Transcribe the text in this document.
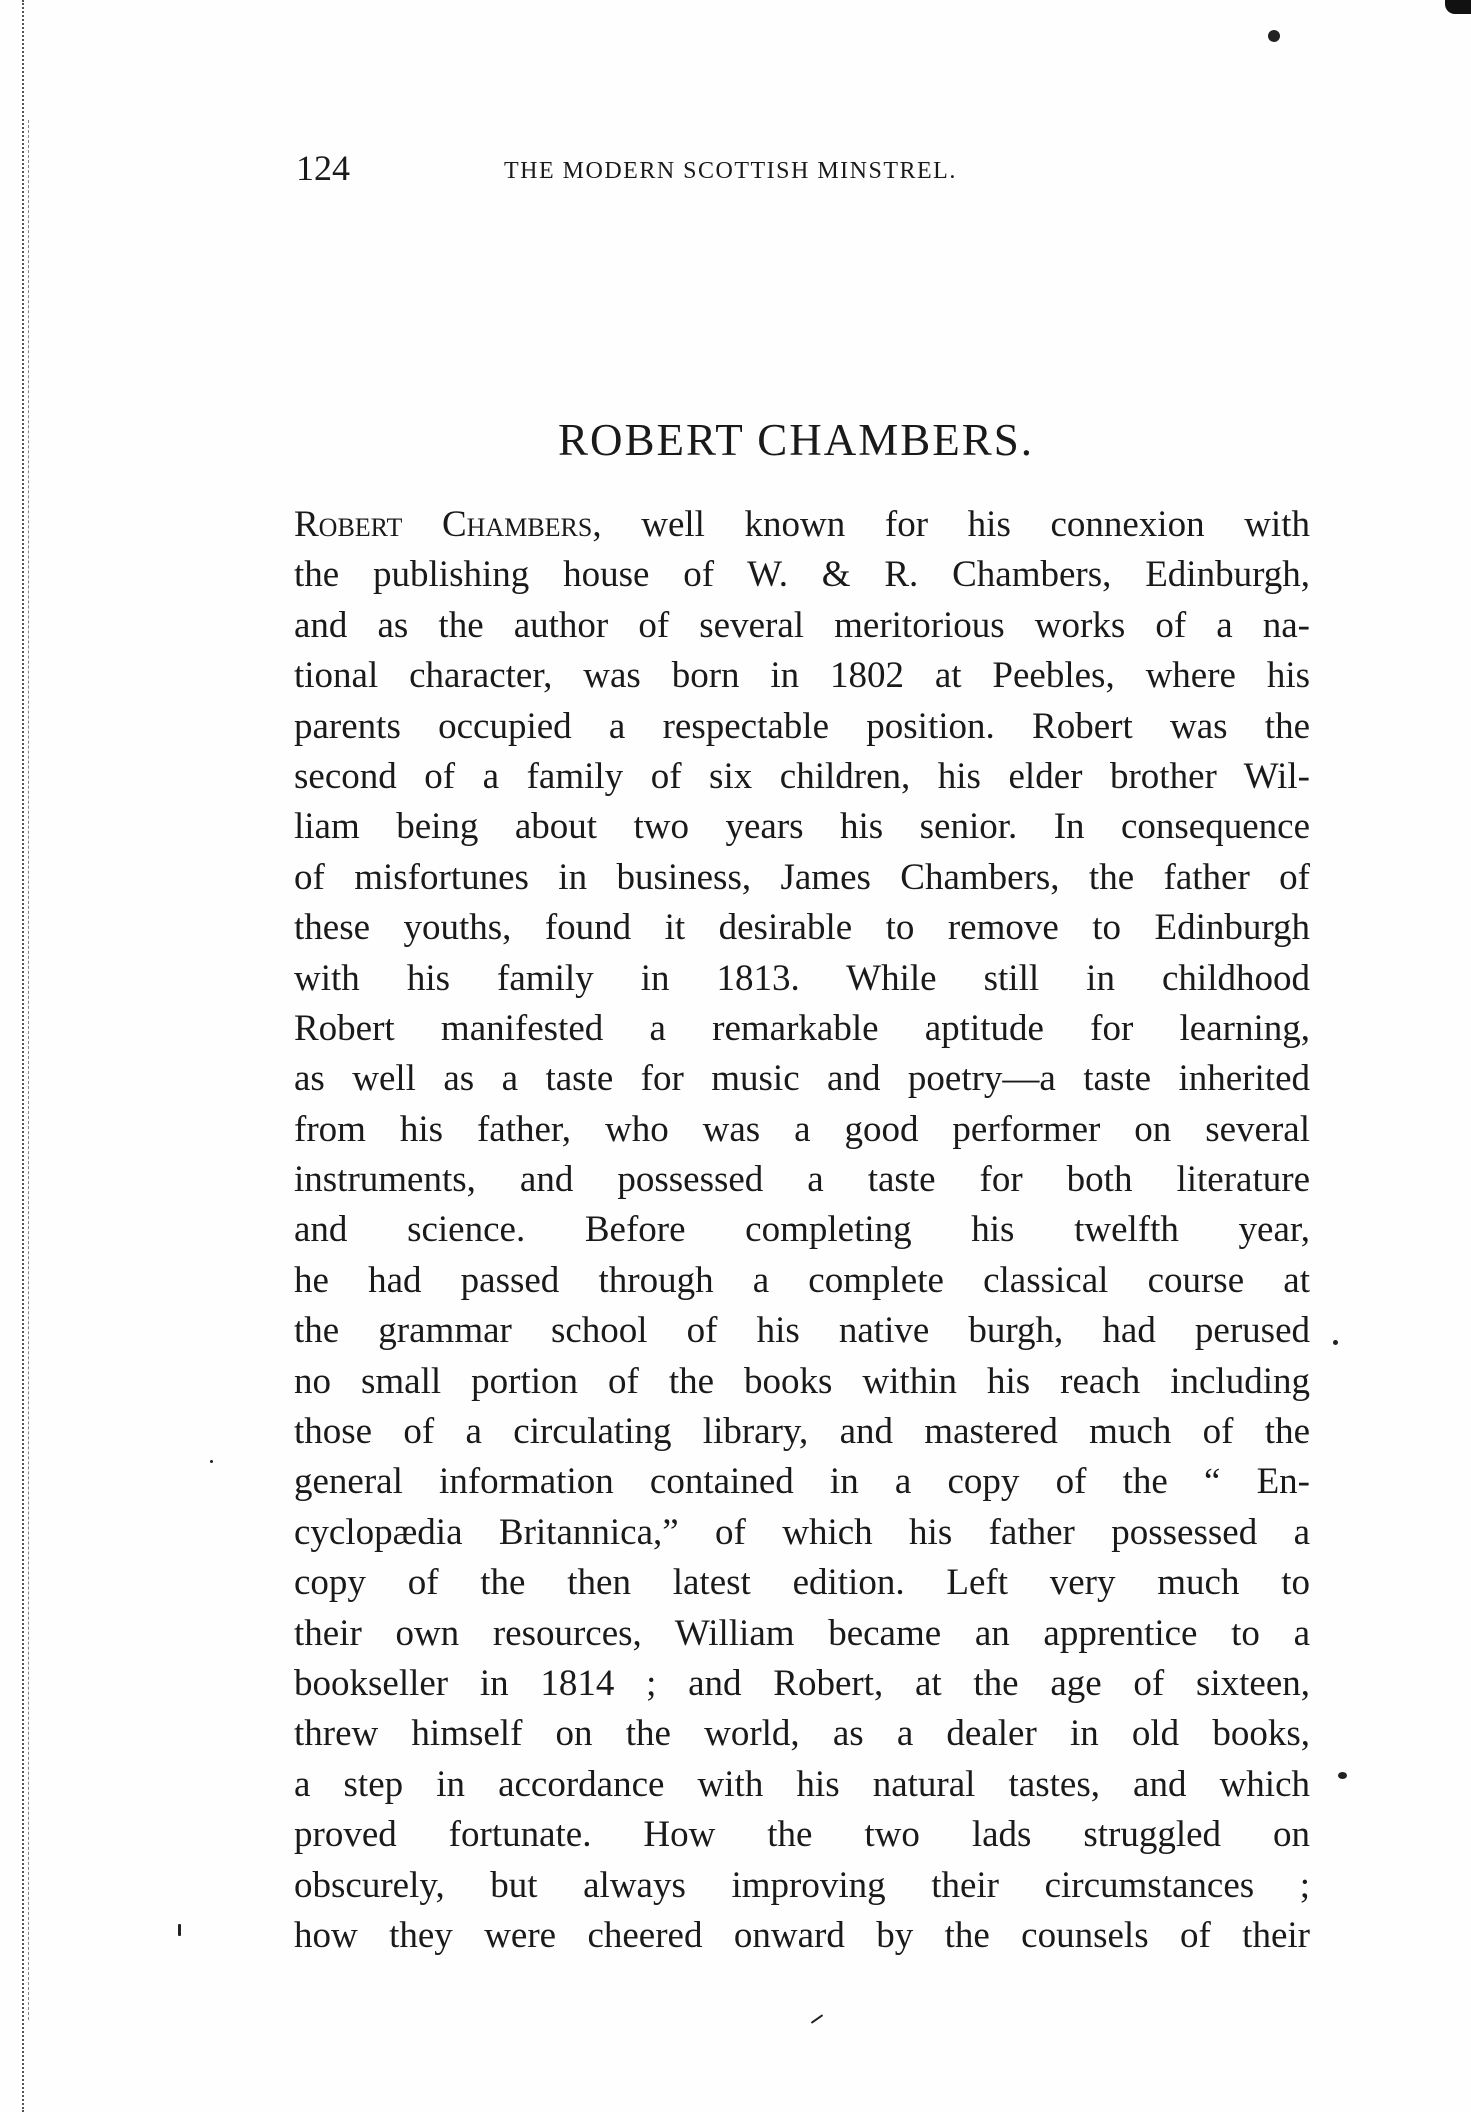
124	THE MODERN SCOTTISH MINSTREL.
ROBERT CHAMBERS.
Robert Chambers, well known for his connexion with
the publishing house of W. & R. Chambers, Edinburgh,
and as the author of several meritorious works of a na-
tional character, was born in 1802 at Peebles, where his
parents occupied a respectable position. Robert was the
second of a family of six children, his elder brother Wil-
liam being about two years his senior. In consequence
of misfortunes in business, James Chambers, the father of
these youths, found it desirable to remove to Edinburgh
with his family in 1813. While still in childhood
Robert manifested a remarkable aptitude for learning,
as well as a taste for music and poetry—a taste inherited
from his father, who was a good performer on several
instruments, and possessed a taste for both literature
and science. Before completing his twelfth year,
he had passed through a complete classical course at
the grammar school of his native burgh, had perused
no small portion of the books within his reach including
those of a circulating library, and mastered much of the
general information contained in a copy of the “ En-
cyclopædia Britannica,” of which his father possessed a
copy of the then latest edition. Left very much to
their own resources, William became an apprentice to a
bookseller in 1814 ; and Robert, at the age of sixteen,
threw himself on the world, as a dealer in old books,
a step in accordance with his natural tastes, and which
proved fortunate. How the two lads struggled on
obscurely, but always improving their circumstances ;
how they were cheered onward by the counsels of their
